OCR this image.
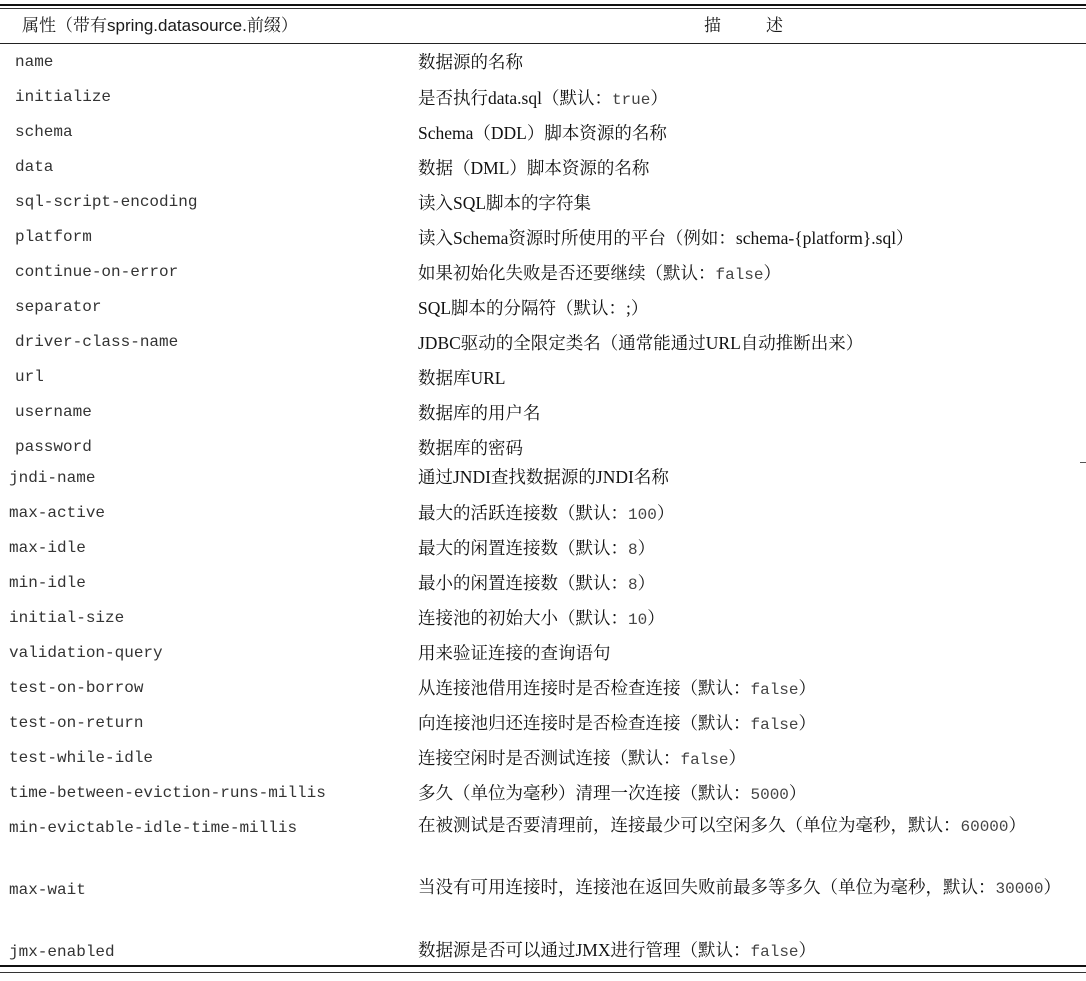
属性（带有spring.datasource.前缀）	描	述
name	数据源的名称
initialize	是否执行data.sql（默认：true）
schema	Schema（DDL）脚本资源的名称
data	数据（DML）脚本资源的名称
sql-script-encoding	读入SQL脚本的字符集
platform	读入Schema资源时所使用的平台（例如：schema-{platform}.sql）
continue-on-error	如果初始化失败是否还要继续（默认：false）
separator	SQL脚本的分隔符（默认：;）
driver-class-name	JDBC驱动的全限定类名（通常能通过URL自动推断出来）
url	数据库URL
username	数据库的用户名
password	数据库的密码
jndi-name	通过JNDI查找数据源的JNDI名称
max-active	最大的活跃连接数（默认：100）
max-idle	最大的闲置连接数（默认：8）
min-idle	最小的闲置连接数（默认：8）
initial-size	连接池的初始大小（默认：10）
validation-query	用来验证连接的查询语句
test-on-borrow	从连接池借用连接时是否检查连接（默认：false）
test-on-return	向连接池归还连接时是否检查连接（默认：false）
test-while-idle	连接空闲时是否测试连接（默认：false）
time-between-eviction-runs-millis	多久（单位为毫秒）清理一次连接（默认：5000）
min-evictable-idle-time-millis	在被测试是否要清理前，连接最少可以空闲多久（单位为毫秒，默认：60000）
max-wait	当没有可用连接时，连接池在返回失败前最多等多久（单位为毫秒，默认：30000）
jmx-enabled	数据源是否可以通过JMX进行管理（默认：false）
